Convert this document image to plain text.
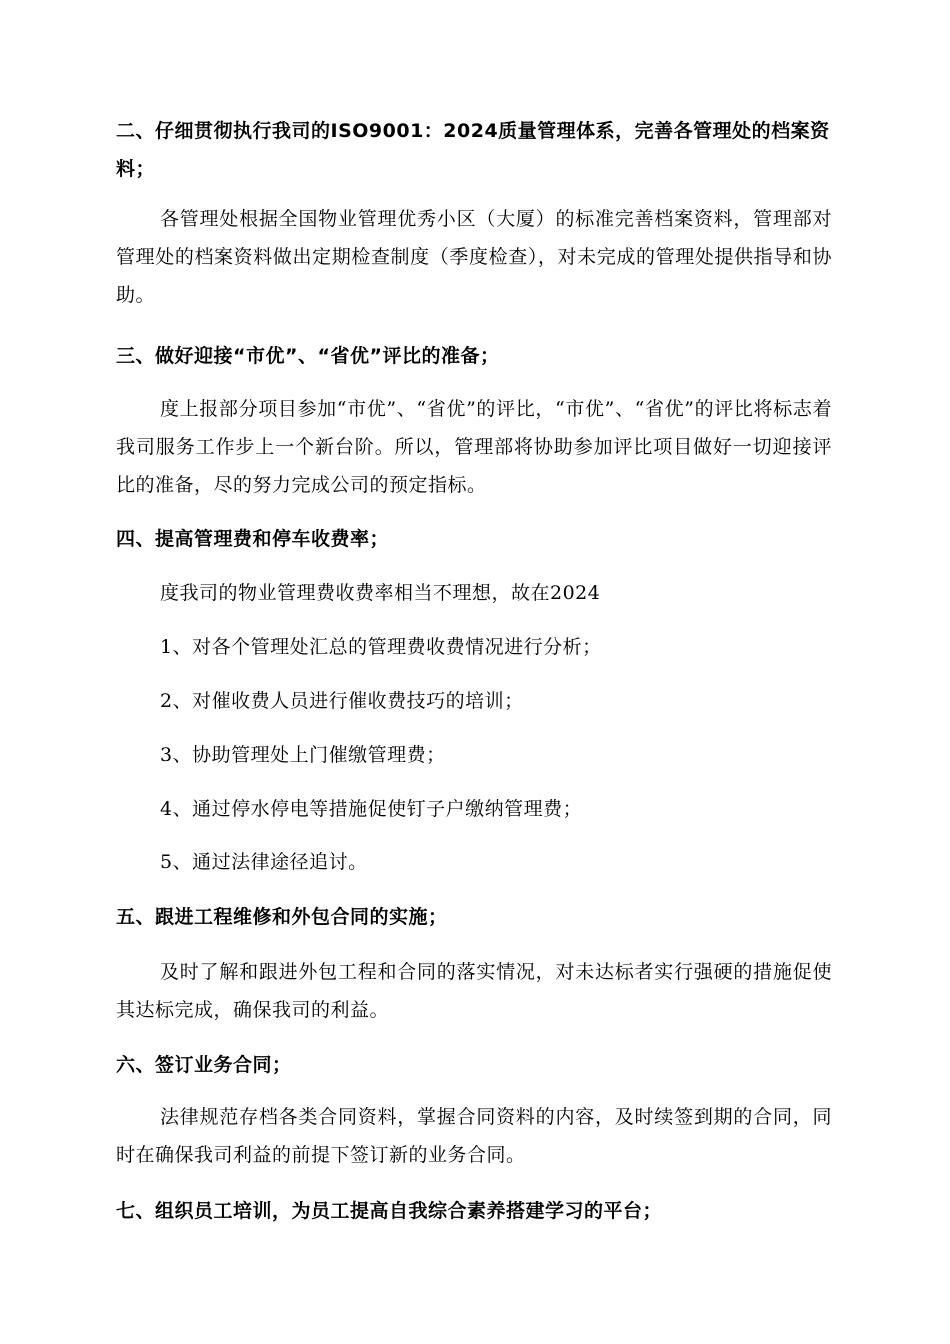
二、仔细贯彻执行我司的ISO9001：2024质量管理体系，完善各管理处的档案资料；

各管理处根据全国物业管理优秀小区（大厦）的标准完善档案资料，管理部对管理处的档案资料做出定期检查制度（季度检查），对未完成的管理处提供指导和协助。

三、做好迎接“市优”、“省优”评比的准备；

度上报部分项目参加“市优”、“省优”的评比，“市优”、“省优”的评比将标志着我司服务工作步上一个新台阶。所以，管理部将协助参加评比项目做好一切迎接评比的准备，尽的努力完成公司的预定指标。

四、提高管理费和停车收费率；

度我司的物业管理费收费率相当不理想，故在2024

1、对各个管理处汇总的管理费收费情况进行分析；

2、对催收费人员进行催收费技巧的培训；

3、协助管理处上门催缴管理费；

4、通过停水停电等措施促使钉子户缴纳管理费；

5、通过法律途径追讨。

五、跟进工程维修和外包合同的实施；

及时了解和跟进外包工程和合同的落实情况，对未达标者实行强硬的措施促使其达标完成，确保我司的利益。

六、签订业务合同；

法律规范存档各类合同资料，掌握合同资料的内容，及时续签到期的合同，同时在确保我司利益的前提下签订新的业务合同。

七、组织员工培训，为员工提高自我综合素养搭建学习的平台；
